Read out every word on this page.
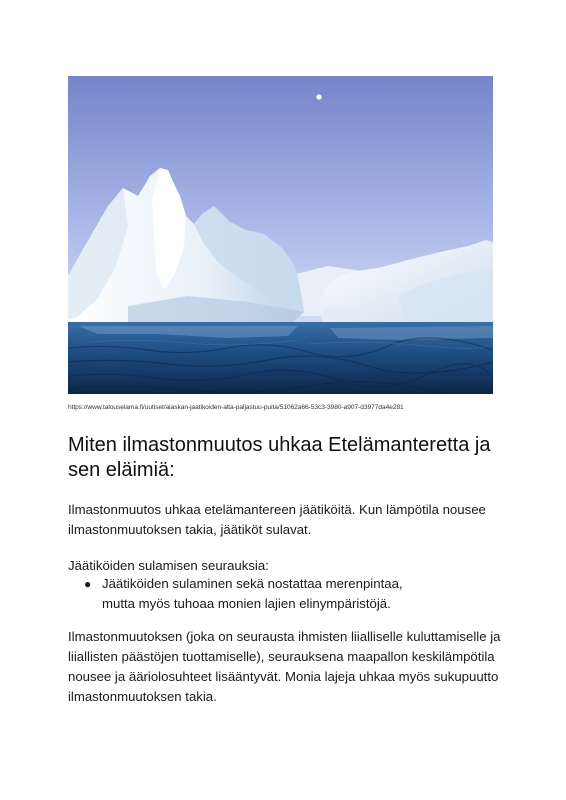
https://www.talouselama.fi/uutiset/alaskan-jaatikoiden-alta-paljastuu-puita/51062a66-53c3-3980-a907-d3977da4e281
Miten ilmastonmuutos uhkaa Etelämanteretta ja sen eläimiä:

Ilmastonmuutos uhkaa etelämantereen jäätiköitä. Kun lämpötila nousee ilmastonmuutoksen takia, jäätiköt sulavat.

Jäätiköiden sulamisen seurauksia:

● Jäätiköiden sulaminen sekä nostattaa merenpintaa,
mutta myös tuhoaa monien lajien elinympäristöjä.

Ilmastonmuutoksen (joka on seurausta ihmisten liialliselle kuluttamiselle ja liiallisten päästöjen tuottamiselle), seurauksena maapallon keskilämpötila nousee ja ääriolosuhteet lisääntyvät. Monia lajeja uhkaa myös sukupuutto ilmastonmuutoksen takia.
